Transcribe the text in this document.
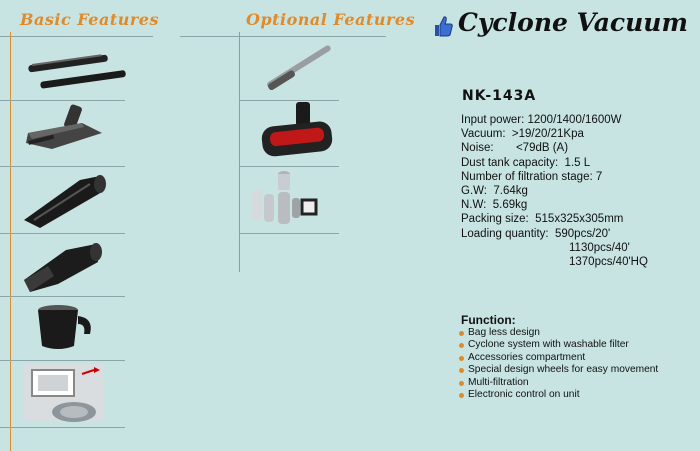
Basic Features	Optional Features Cyclone Vacuum
NK-143A
Input power: 1200/1400/1600W
Vacuum:  >19/20/21Kpa
Noise:       <79dB (A)
Dust tank capacity:  1.5 L
Number of filtration stage: 7
G.W:  7.64kg
N.W:  5.69kg
Packing size:  515x325x305mm
Loading quantity:  590pcs/20'
1130pcs/40'
1370pcs/40'HQ
Function:
Bag less design
Cyclone system with washable filter
Accessories compartment
Special design wheels for easy movement
Multi-filtration
Electronic control on unit
